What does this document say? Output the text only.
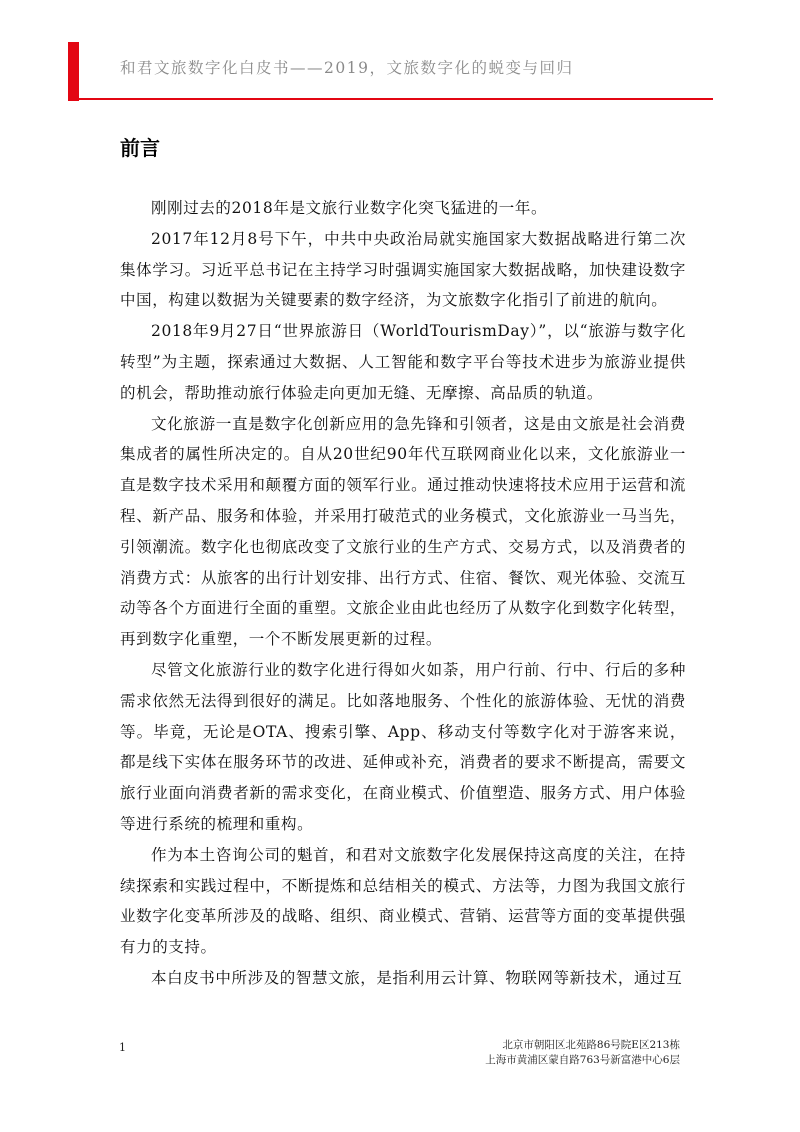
和君文旅数字化白皮书——2019，文旅数字化的蜕变与回归
前言

刚刚过去的2018年是文旅行业数字化突飞猛进的一年。

2017年12月8号下午，中共中央政治局就实施国家大数据战略进行第二次集体学习。习近平总书记在主持学习时强调实施国家大数据战略，加快建设数字中国，构建以数据为关键要素的数字经济，为文旅数字化指引了前进的航向。

2018年9月27日“世界旅游日（WorldTourismDay）”，以“旅游与数字化转型”为主题，探索通过大数据、人工智能和数字平台等技术进步为旅游业提供的机会，帮助推动旅行体验走向更加无缝、无摩擦、高品质的轨道。

文化旅游一直是数字化创新应用的急先锋和引领者，这是由文旅是社会消费集成者的属性所决定的。自从20世纪90年代互联网商业化以来，文化旅游业一直是数字技术采用和颠覆方面的领军行业。通过推动快速将技术应用于运营和流程、新产品、服务和体验，并采用打破范式的业务模式，文化旅游业一马当先，引领潮流。数字化也彻底改变了文旅行业的生产方式、交易方式，以及消费者的消费方式：从旅客的出行计划安排、出行方式、住宿、餐饮、观光体验、交流互动等各个方面进行全面的重塑。文旅企业由此也经历了从数字化到数字化转型，再到数字化重塑，一个不断发展更新的过程。

尽管文化旅游行业的数字化进行得如火如荼，用户行前、行中、行后的多种需求依然无法得到很好的满足。比如落地服务、个性化的旅游体验、无忧的消费等。毕竟，无论是OTA、搜索引擎、App、移动支付等数字化对于游客来说，都是线下实体在服务环节的改进、延伸或补充，消费者的要求不断提高，需要文旅行业面向消费者新的需求变化，在商业模式、价值塑造、服务方式、用户体验等进行系统的梳理和重构。

作为本土咨询公司的魁首，和君对文旅数字化发展保持这高度的关注，在持续探索和实践过程中，不断提炼和总结相关的模式、方法等，力图为我国文旅行业数字化变革所涉及的战略、组织、商业模式、营销、运营等方面的变革提供强有力的支持。

本白皮书中所涉及的智慧文旅，是指利用云计算、物联网等新技术，通过互

1	北京市朝阳区北苑路86号院E区213栋
上海市黄浦区蒙自路763号新富港中心6层
